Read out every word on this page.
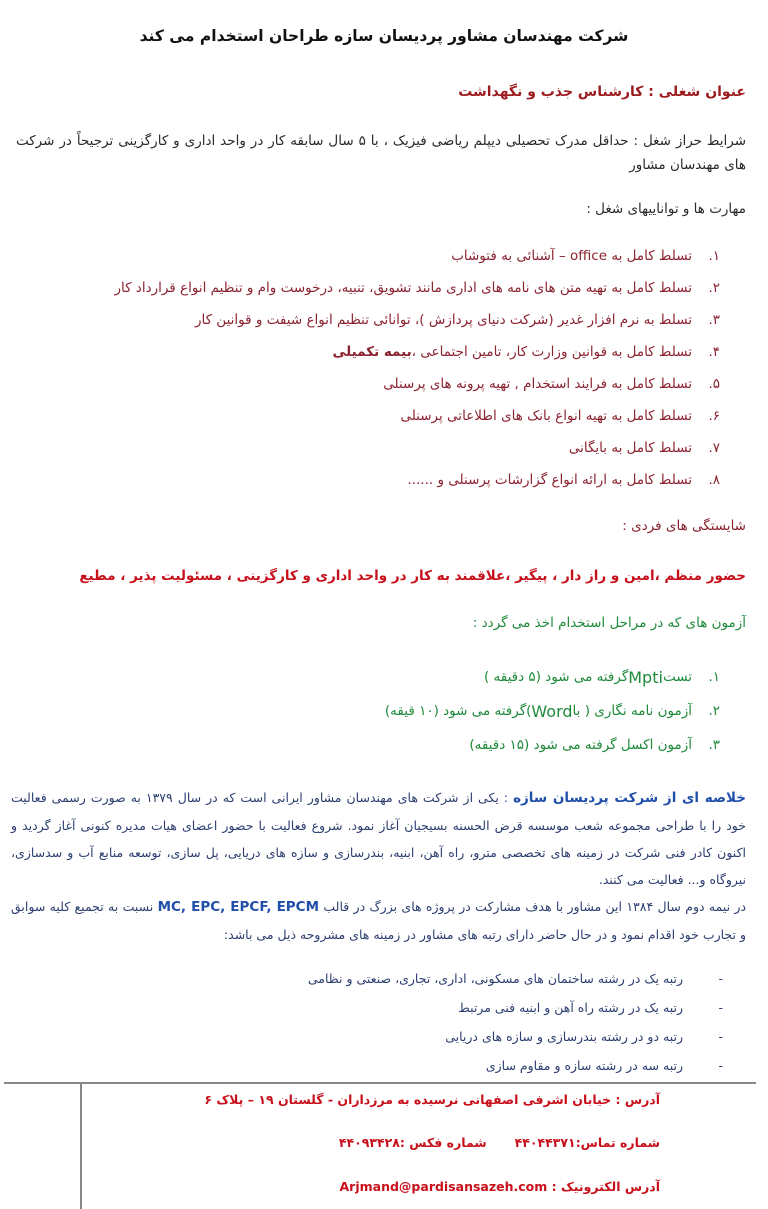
شرکت مهندسان مشاور پردیسان سازه طراحان استخدام می کند
عنوان شغلی : کارشناس جذب و نگهداشت
شرایط حراز شغل : حداقل مدرک تحصیلی دیپلم ریاضی فیزیک ، با ۵ سال سابقه کار در واحد اداری و کارگزینی ترجیحاً در شرکت های مهندسان مشاور
مهارت ها و تواناییهای شغل :
۱.
تسلط کامل به office – آشنائی به فتوشاب
۲.
تسلط کامل به تهیه متن های نامه های اداری مانند تشویق، تنبیه، درخوست وام و تنظیم انواع قرارداد کار
۳.
تسلط به نرم افزار غدیر (شرکت دنیای پردازش )، توانائی تنظیم انواع شیفت و قوانین کار
۴.
تسلط کامل به قوانین وزارت کار، تامین اجتماعی ،
بیمه تکمیلی
۵.
تسلط کامل به فرایند استخدام , تهیه پرونه های پرسنلی
۶.
تسلط کامل به تهیه انواع بانک های اطلاعاتی پرسنلی
۷.
تسلط کامل به بایگانی
۸.
تسلط کامل به ارائه انواع گزارشات پرسنلی و ......
شایستگی های فردی :
حضور منظم ،امین و راز دار ، پیگیر ،علاقمند به کار در واحد اداری و کارگزینی ، مسئولیت پذیر ، مطیع
آزمون های که در مراحل استخدام اخذ می گردد :
۱.
تست
Mpti
گرفته می شود (۵ دقیقه )
۲.
آزمون نامه نگاری ( با
Word
)گرفته می شود (۱۰ قیقه)
۳.
آزمون اکسل گرفته می شود (۱۵ دقیقه)
خلاصه ای از شرکت پردیسان سازه : یکی از شرکت های مهندسان مشاور ایرانی است که در سال ۱۳۷۹ به صورت رسمی فعالیت خود را با طراحی مجموعه شعب موسسه قرض الحسنه بسیجیان آغاز نمود. شروع فعالیت با حضور اعضای هیات مدیره کنونی آغاز گردید و اکنون کادر فنی شرکت در زمینه های تخصصی مترو، راه آهن، ابنیه، بندرسازی و سازه های دریایی، پل سازی، توسعه منابع آب و سدسازی، نیروگاه و... فعالیت می کنند.
در نیمه دوم سال ۱۳۸۴ این مشاور با هدف مشارکت در پروژه های بزرگ در قالب MC, EPC, EPCF, EPCM نسبت به تجمیع کلیه سوابق و تجارب خود اقدام نمود و در حال حاضر دارای رتبه های مشاور در زمینه های مشروحه ذیل می باشد:
-
رتبه یک در رشته ساختمان های مسکونی، اداری، تجاری، صنعتی و نظامی
-
رتبه یک در رشته راه آهن و ابنیه فنی مرتبط
-
رتبه دو در رشته بندرسازی و سازه های دریایی
-
رتبه سه در رشته سازه و مقاوم سازی
آدرس : خیابان اشرفی اصفهانی نرسیده به مرزداران - گلستان ۱۹ – پلاک ۶
شماره تماس:۴۴۰۴۴۳۷۱شماره فکس :۴۴۰۹۳۴۲۸
آدرس الکترونیک : Arjmand@pardisansazeh.com
